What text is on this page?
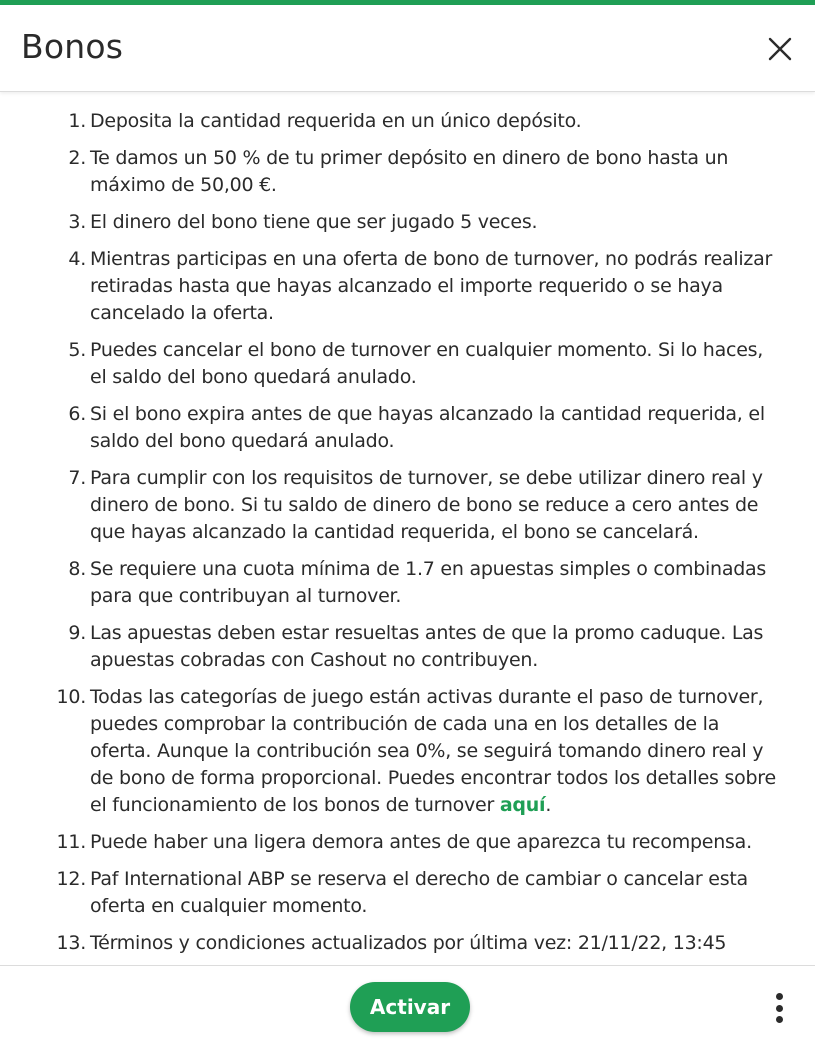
Bonos
1. Deposita la cantidad requerida en un único depósito.
2. Te damos un 50 % de tu primer depósito en dinero de bono hasta un máximo de 50,00 €.
3. El dinero del bono tiene que ser jugado 5 veces.
4. Mientras participas en una oferta de bono de turnover, no podrás realizar retiradas hasta que hayas alcanzado el importe requerido o se haya cancelado la oferta.
5. Puedes cancelar el bono de turnover en cualquier momento. Si lo haces, el saldo del bono quedará anulado.
6. Si el bono expira antes de que hayas alcanzado la cantidad requerida, el saldo del bono quedará anulado.
7. Para cumplir con los requisitos de turnover, se debe utilizar dinero real y dinero de bono. Si tu saldo de dinero de bono se reduce a cero antes de que hayas alcanzado la cantidad requerida, el bono se cancelará.
8. Se requiere una cuota mínima de 1.7 en apuestas simples o combinadas para que contribuyan al turnover.
9. Las apuestas deben estar resueltas antes de que la promo caduque. Las apuestas cobradas con Cashout no contribuyen.
10. Todas las categorías de juego están activas durante el paso de turnover, puedes comprobar la contribución de cada una en los detalles de la oferta. Aunque la contribución sea 0%, se seguirá tomando dinero real y de bono de forma proporcional. Puedes encontrar todos los detalles sobre el funcionamiento de los bonos de turnover aquí.
11. Puede haber una ligera demora antes de que aparezca tu recompensa.
12. Paf International ABP se reserva el derecho de cambiar o cancelar esta oferta en cualquier momento.
13. Términos y condiciones actualizados por última vez: 21/11/22, 13:45
Activar
